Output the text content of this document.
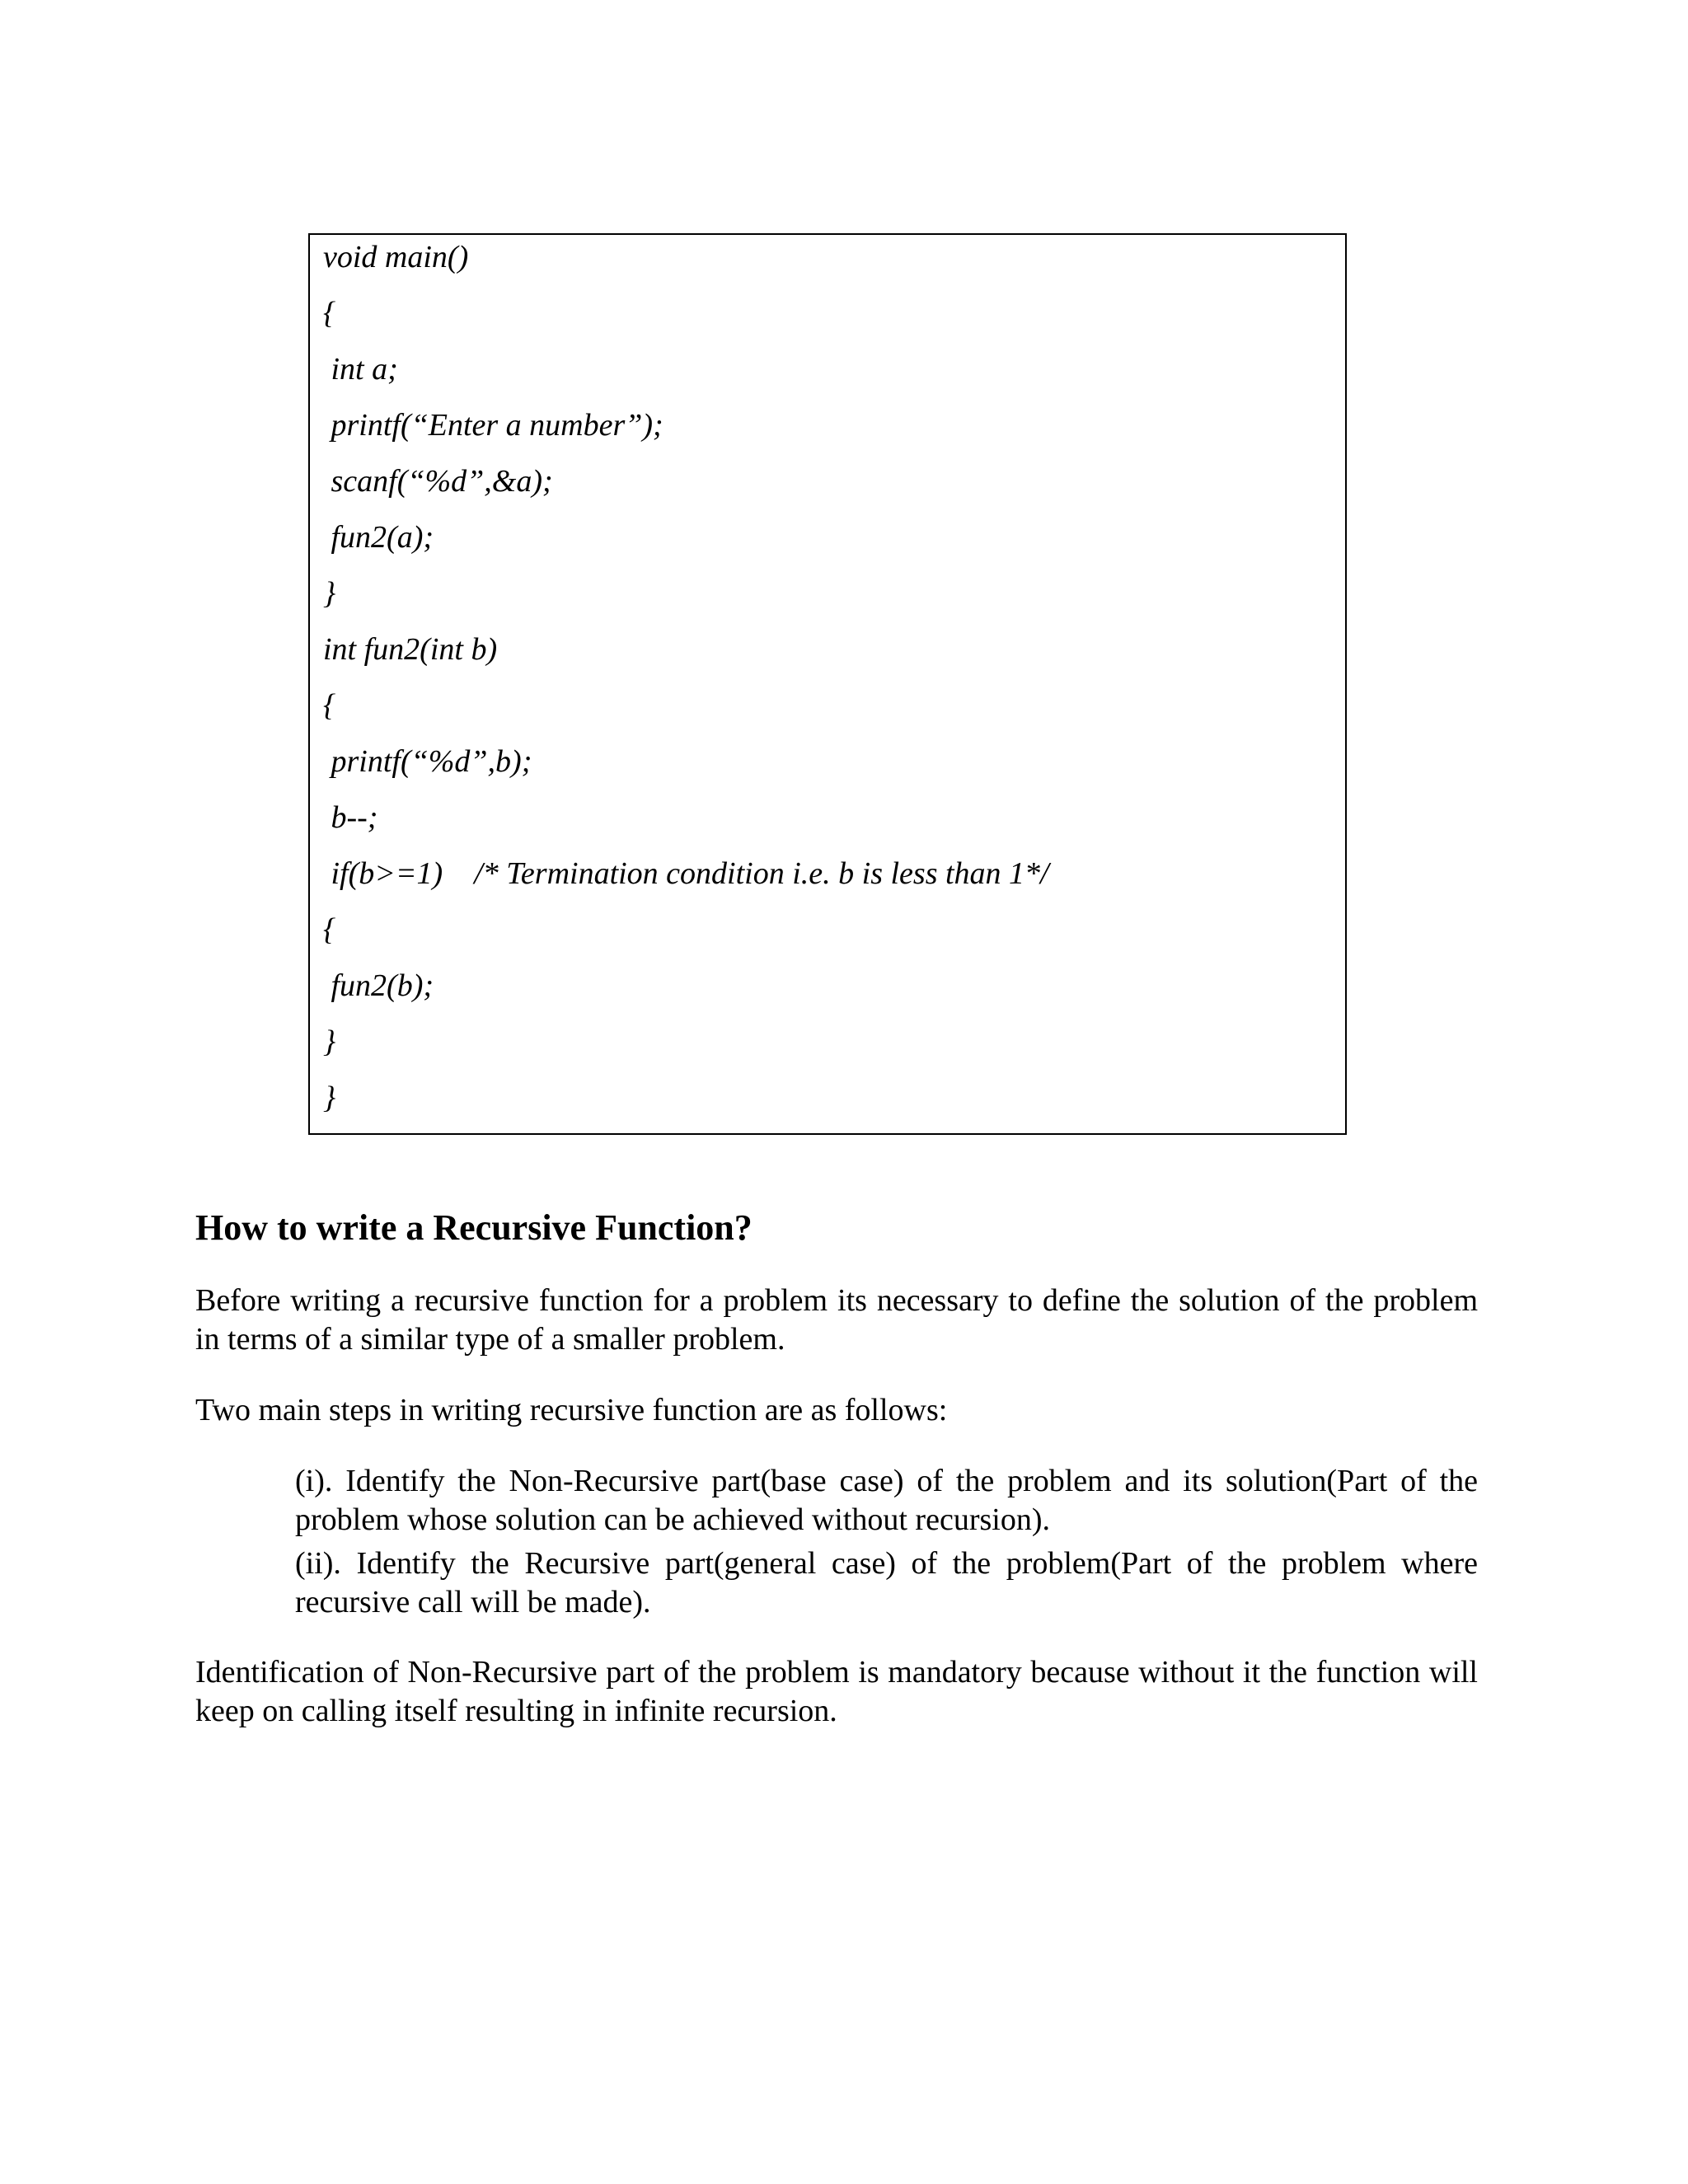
void main()
{
int a;
printf(“Enter a number”);
scanf(“%d”,&a);
fun2(a);
}
int fun2(int b)
{
printf(“%d”,b);
b--;
if(b>=1)    /* Termination condition i.e. b is less than 1*/
{
fun2(b);
}
}
How to write a Recursive Function?

Before writing a recursive function for a problem its necessary to define the solution of the problem in terms of a similar type of a smaller problem.

Two main steps in writing recursive function are as follows:

(i). Identify the Non-Recursive part(base case) of the problem and its solution(Part of the problem whose solution can be achieved without recursion).

(ii). Identify the Recursive part(general case) of the problem(Part of the problem where recursive call will be made).

Identification of Non-Recursive part of the problem is mandatory because without it the function will keep on calling itself resulting in infinite recursion.
